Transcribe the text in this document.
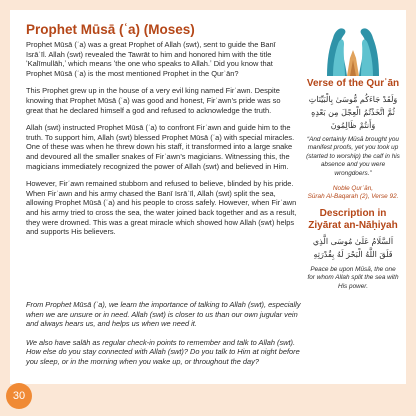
Prophet Mūsā (ʿa) (Moses)

Prophet Mūsā (ʿa) was a great Prophet of Allah (swt), sent to guide the Banī Isrāʾīl. Allah (swt) revealed the Tawrāt to him and honored him with the title ʻKalīmullāh,ʼ which means ʻthe one who speaks to Allah.ʼ Did you know that Prophet Mūsā (ʿa) is the most mentioned Prophet in the Qurʾān?

This Prophet grew up in the house of a very evil king named Firʿawn. Despite knowing that Prophet Mūsā (ʿa) was good and honest, Firʿawn’s pride was so great that he declared himself a god and refused to acknowledge the truth.

Allah (swt) instructed Prophet Mūsā (ʿa) to confront Firʿawn and guide him to the truth. To support him, Allah (swt) blessed Prophet Mūsā (ʿa) with special miracles. One of these was when he threw down his staff, it transformed into a large snake and devoured all the smaller snakes of Firʿawn’s magicians. Witnessing this, the magicians immediately recognized the power of Allah (swt) and believed in Him.

However, Firʿawn remained stubborn and refused to believe, blinded by his pride. When Firʿawn and his army chased the Banī Isrāʾīl, Allah (swt) split the sea, allowing Prophet Mūsā (ʿa) and his people to cross safely. However, when Firʿawn and his army tried to cross the sea, the water joined back together and as a result, they were drowned. This was a great miracle which showed how Allah (swt) helps and supports His believers.

From Prophet Mūsā (ʿa), we learn the importance of talking to Allah (swt), especially when we are unsure or in need. Allah (swt) is closer to us than our own jugular vein and always hears us, and helps us when we need it.

We also have salāh as regular check-in points to remember and talk to Allah (swt). How else do you stay connected with Allah (swt)? Do you talk to Him at night before you sleep, or in the morning when you wake up, or throughout the day?

Verse of the Qurʾān
وَلَقَدْ جَاءَكُم مُّوسَىٰ بِالْبَيِّنَاتِ ثُمَّ اتَّخَذْتُمُ الْعِجْلَ مِن بَعْدِهِ وَأَنتُمْ ظَالِمُونَ
“And certainly Mūsā brought you manifest proofs, yet you took up (started to worship) the calf in his absence and you were wrongdoers.”
Noble Qurʾān,
Sūrah Al-Baqarah (2), Verse 92.
Description in
Ziyārat an-Nāḥiyah
اَلسَّلَامُ عَلَىٰ مُوسَى الَّذِي فَلَقَ اللَّهُ الْبَحْرَ لَهُ بِقُدْرَتِهِ
Peace be upon Mūsā, the one for whom Allah split the sea with His power.
30
